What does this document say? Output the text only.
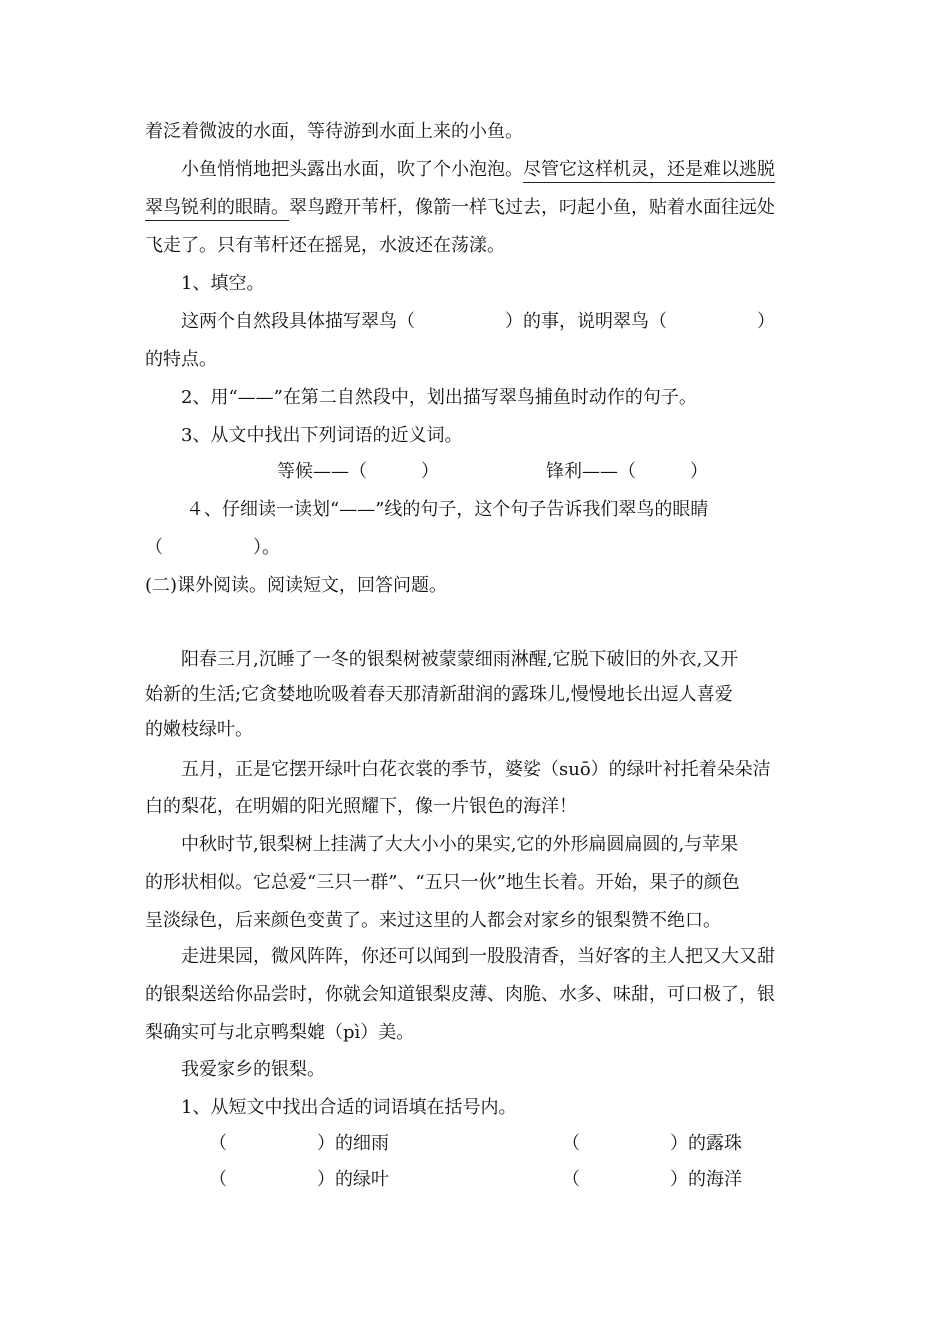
着泛着微波的水面，等待游到水面上来的小鱼。
小鱼悄悄地把头露出水面，吹了个小泡泡。尽管它这样机灵，还是难以逃脱
翠鸟锐利的眼睛。翠鸟蹬开苇杆，像箭一样飞过去，叼起小鱼，贴着水面往远处
飞走了。只有苇杆还在摇晃，水波还在荡漾。
1、填空。
这两个自然段具体描写翠鸟（　　　　　）的事，说明翠鸟（　　　　　）
的特点。
2、用“——”在第二自然段中，划出描写翠鸟捕鱼时动作的句子。
3、从文中找出下列词语的近义词。
等候——（　　　）	锋利——（　　　）
４、仔细读一读划“——”线的句子，这个句子告诉我们翠鸟的眼睛
（　　　　　）。
(二)课外阅读。阅读短文，回答问题。
阳春三月,沉睡了一冬的银梨树被蒙蒙细雨淋醒,它脱下破旧的外衣,又开
始新的生活;它贪婪地吮吸着春天那清新甜润的露珠儿,慢慢地长出逗人喜爱
的嫩枝绿叶。
五月，正是它摆开绿叶白花衣裳的季节，婆娑（suō）的绿叶衬托着朵朵洁
白的梨花，在明媚的阳光照耀下，像一片银色的海洋！
中秋时节,银梨树上挂满了大大小小的果实,它的外形扁圆扁圆的,与苹果
的形状相似。它总爱“三只一群”、“五只一伙”地生长着。开始，果子的颜色
呈淡绿色，后来颜色变黄了。来过这里的人都会对家乡的银梨赞不绝口。
走进果园，微风阵阵，你还可以闻到一股股清香，当好客的主人把又大又甜
的银梨送给你品尝时，你就会知道银梨皮薄、肉脆、水多、味甜，可口极了，银
梨确实可与北京鸭梨媲（pì）美。
我爱家乡的银梨。
1、从短文中找出合适的词语填在括号内。
（　　　　　）的细雨	（　　　　　）的露珠
（　　　　　）的绿叶	（　　　　　）的海洋
